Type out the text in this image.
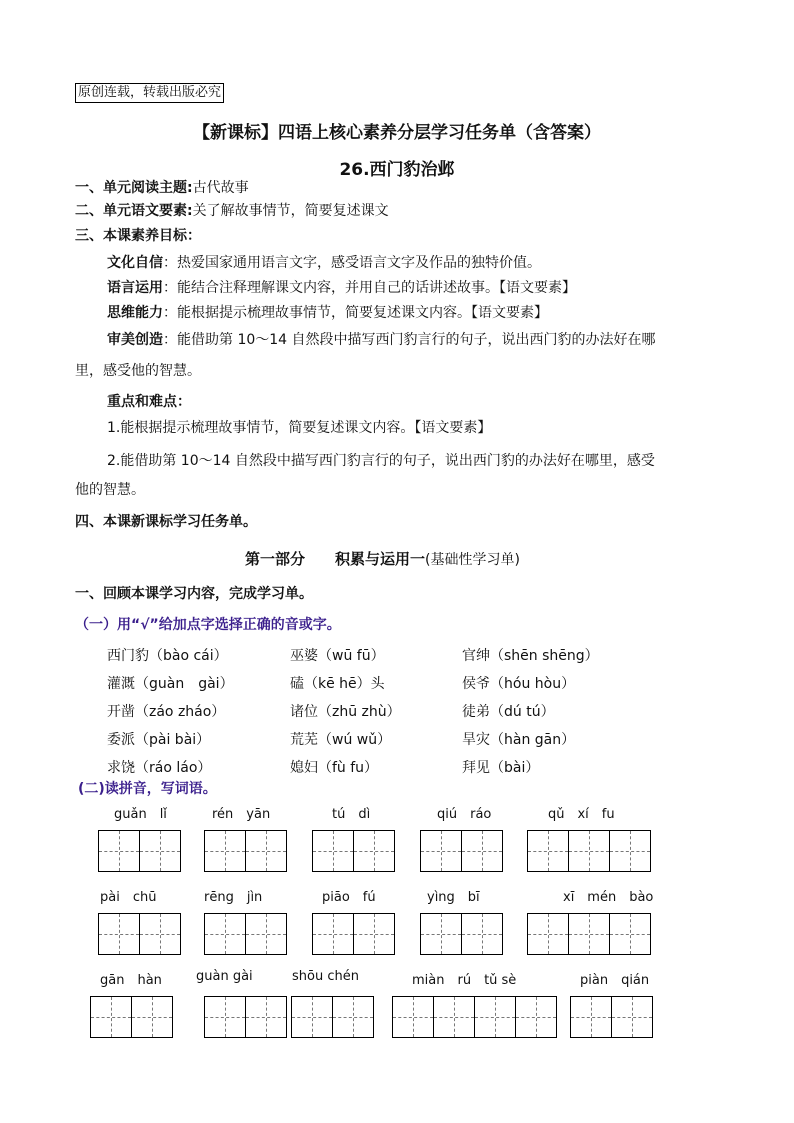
原创连载，转载出版必究
【新课标】四语上核心素养分层学习任务单（含答案）
26.西门豹治邺
一、单元阅读主题:古代故事
二、单元语文要素:关了解故事情节，简要复述课文
三、本课素养目标：
文化自信：热爱国家通用语言文字，感受语言文字及作品的独特价值。
语言运用：能结合注释理解课文内容，并用自己的话讲述故事。【语文要素】
思维能力：能根据提示梳理故事情节，简要复述课文内容。【语文要素】
审美创造：能借助第 10～14 自然段中描写西门豹言行的句子，说出西门豹的办法好在哪
里，感受他的智慧。
重点和难点：
1.能根据提示梳理故事情节，简要复述课文内容。【语文要素】
2.能借助第 10～14 自然段中描写西门豹言行的句子，说出西门豹的办法好在哪里，感受
他的智慧。
四、本课新课标学习任务单。
第一部分　　积累与运用一(基础性学习单)
一、回顾本课学习内容，完成学习单。
（一）用“√”给加点字选择正确的音或字。
西门豹（bào cái）	巫婆（wū fū）	官绅（shēn shēng）
灌溉（guàn　gài）	磕（kē hē）头	侯爷（hóu hòu）
开凿（záo zháo）	诸位（zhū zhù）	徒弟（dú tú）
委派（pài bài）	荒芜（wú wǔ）	旱灾（hàn gān）
求饶（ráo láo）	媳妇（fù fu）	拜见（bài）
(二)读拼音，写词语。
guǎn　lǐ	rén　yān	tú　dì	qiú　ráo	qǔ　xí　fu
pài　chū	rēng　jìn	piāo　fú	yìng　bī	xī　mén　bào
gān　hàn	guàn gài	shōu chén	miàn　rú　tǔ sè	piàn　qián
